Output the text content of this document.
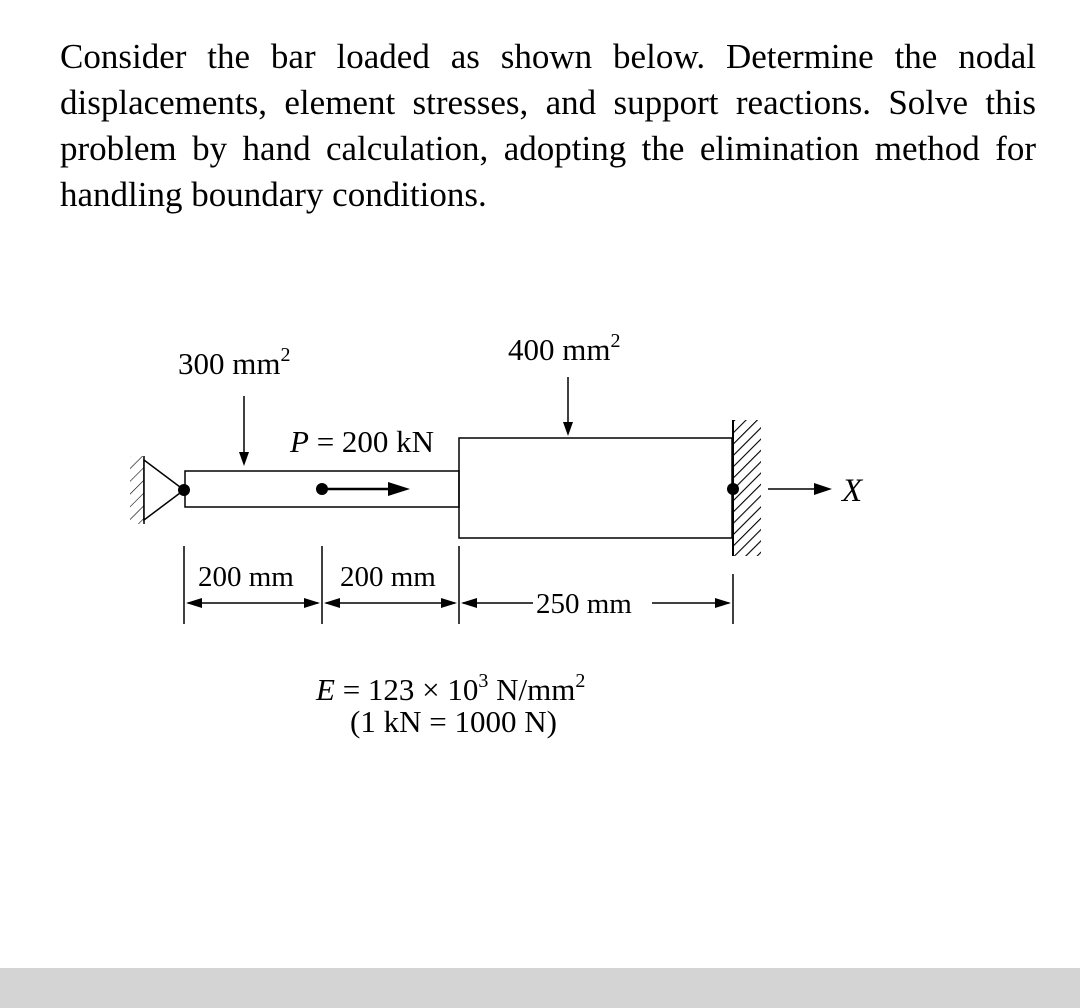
Consider the bar loaded as shown below. Determine the nodal displacements, element stresses, and support reactions. Solve this problem by hand calculation, adopting the elimination method for handling boundary conditions.

X
300 $mm^2$	400 $mm^2$
P = 200 kN
200 mm 200 mm
250 mm
$E = 123 \times 10^3$ $N/mm^2$
(1 kN = 1000 N)
